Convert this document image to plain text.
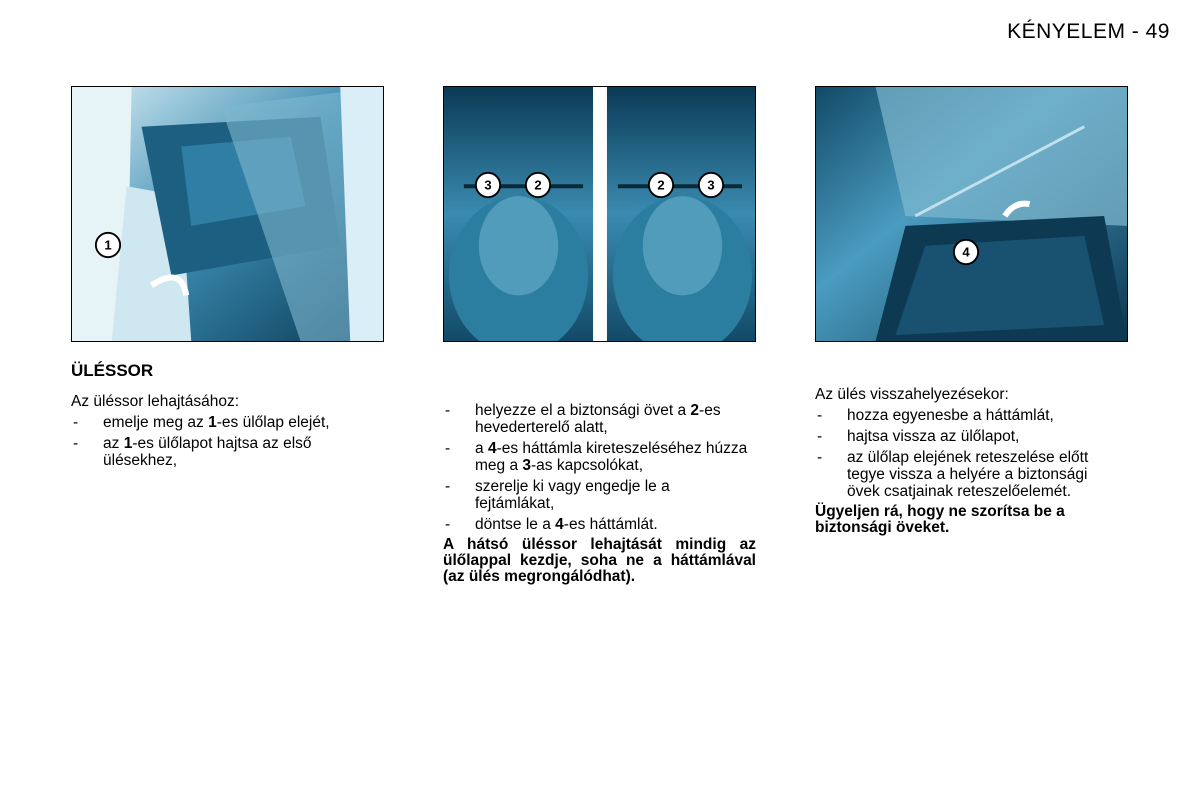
KÉNYELEM - 49
1
3	2	2	3
4

ÜLÉSSOR

Az üléssor lehajtásához:

- emelje meg az 1-es ülőlap elejét,
- az 1-es ülőlapot hajtsa az első ülésekhez,
- helyezze el a biztonsági övet a 2-es hevederterelő alatt,
- a 4-es háttámla kireteszeléséhez húzza meg a 3-as kapcsolókat,
- szerelje ki vagy engedje le a fejtámlákat,
- döntse le a 4-es háttámlát.

A hátsó üléssor lehajtását mindig az ülőlappal kezdje, soha ne a háttámlával (az ülés megrongálódhat).

Az ülés visszahelyezésekor:

- hozza egyenesbe a háttámlát,
- hajtsa vissza az ülőlapot,
- az ülőlap elejének reteszelése előtt tegye vissza a helyére a biztonsági övek csatjainak reteszelőelemét.

Ügyeljen rá, hogy ne szorítsa be a biztonsági öveket.
